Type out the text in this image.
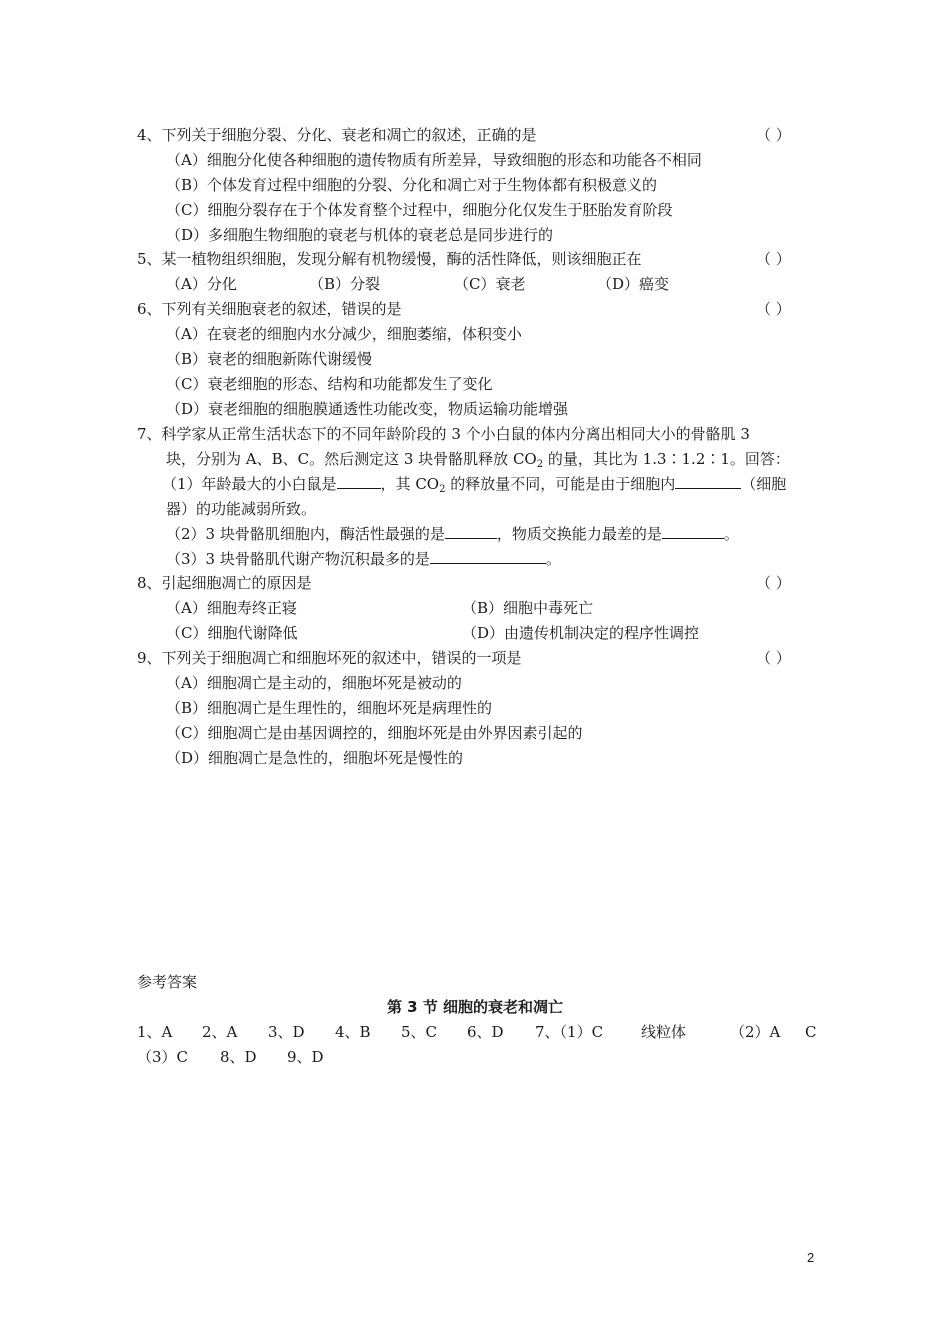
4、下列关于细胞分裂、分化、衰老和凋亡的叙述，正确的是	（ ）
（A）细胞分化使各种细胞的遗传物质有所差异，导致细胞的形态和功能各不相同
（B）个体发育过程中细胞的分裂、分化和凋亡对于生物体都有积极意义的
（C）细胞分裂存在于个体发育整个过程中，细胞分化仅发生于胚胎发育阶段
（D）多细胞生物细胞的衰老与机体的衰老总是同步进行的
5、某一植物组织细胞，发现分解有机物缓慢，酶的活性降低，则该细胞正在	（ ）
（A）分化	（B）分裂	（C）衰老	（D）癌变
6、下列有关细胞衰老的叙述，错误的是	（ ）
（A）在衰老的细胞内水分减少，细胞萎缩，体积变小
（B）衰老的细胞新陈代谢缓慢
（C）衰老细胞的形态、结构和功能都发生了变化
（D）衰老细胞的细胞膜通透性功能改变，物质运输功能增强
7、科学家从正常生活状态下的不同年龄阶段的 3 个小白鼠的体内分离出相同大小的骨骼肌 3
块，分别为 A、B、C。然后测定这 3 块骨骼肌释放 $CO_2$ 的量，其比为 1.3∶1.2∶1。回答：
（1）年龄最大的小白鼠是	，其 $CO_2$ 的释放量不同，可能是由于细胞内	（细胞
器）的功能减弱所致。
（2）3 块骨骼肌细胞内，酶活性最强的是	，物质交换能力最差的是	。
（3）3 块骨骼肌代谢产物沉积最多的是	。
8、引起细胞凋亡的原因是	（ ）
（A）细胞寿终正寝	（B）细胞中毒死亡
（C）细胞代谢降低	（D）由遗传机制决定的程序性调控
9、下列关于细胞凋亡和细胞坏死的叙述中，错误的一项是	（ ）
（A）细胞凋亡是主动的，细胞坏死是被动的
（B）细胞凋亡是生理性的，细胞坏死是病理性的
（C）细胞凋亡是由基因调控的，细胞坏死是由外界因素引起的
（D）细胞凋亡是急性的，细胞坏死是慢性的
参考答案
第 3 节 细胞的衰老和凋亡
1、A 2、A 3、D 4、B 5、C 6、D 7、（1）C	线粒体	（2）A C
（3）C 8、D 9、D
2
